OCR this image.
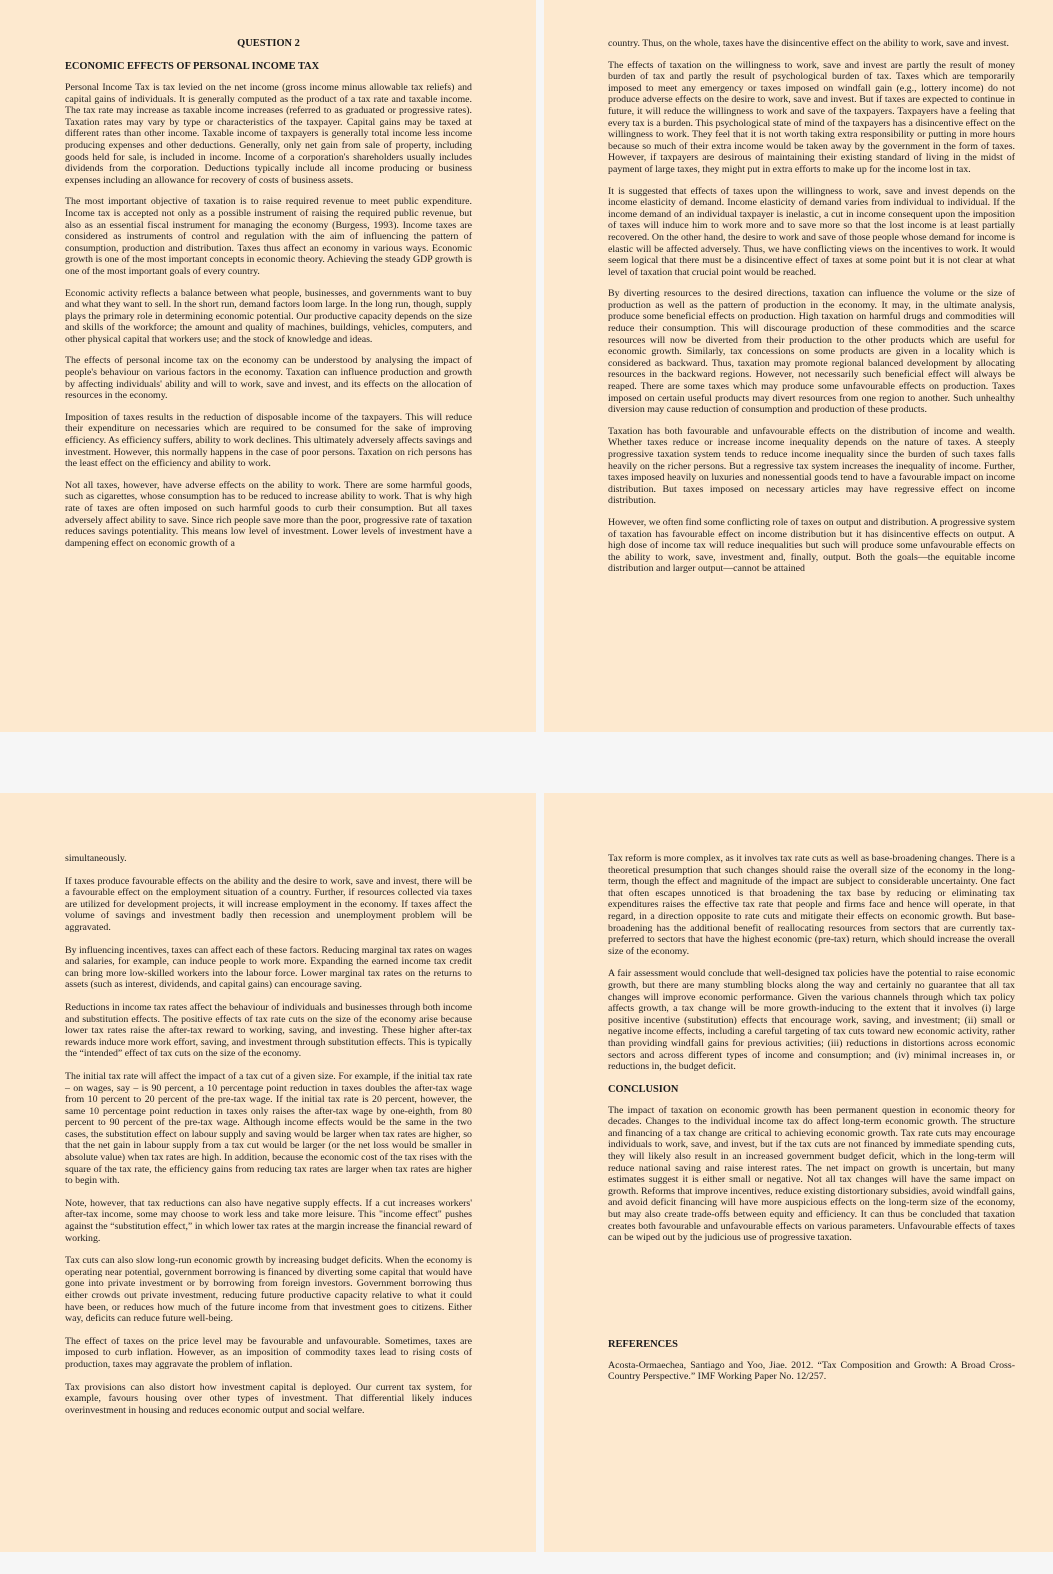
QUESTION 2
ECONOMIC EFFECTS OF PERSONAL INCOME TAX

Personal Income Tax is tax levied on the net income (gross income minus allowable tax reliefs) and capital gains of individuals. It is generally computed as the product of a tax rate and taxable income. The tax rate may increase as taxable income increases (referred to as graduated or progressive rates). Taxation rates may vary by type or characteristics of the taxpayer. Capital gains may be taxed at different rates than other income. Taxable income of taxpayers is generally total income less income producing expenses and other deductions. Generally, only net gain from sale of property, including goods held for sale, is included in income. Income of a corporation's shareholders usually includes dividends from the corporation. Deductions typically include all income producing or business expenses including an allowance for recovery of costs of business assets.

The most important objective of taxation is to raise required revenue to meet public expenditure. Income tax is accepted not only as a possible instrument of raising the required public revenue, but also as an essential fiscal instrument for managing the economy (Burgess, 1993). Income taxes are considered as instruments of control and regulation with the aim of influencing the pattern of consumption, production and distribution. Taxes thus affect an economy in various ways. Economic growth is one of the most important concepts in economic theory. Achieving the steady GDP growth is one of the most important goals of every country.

Economic activity reflects a balance between what people, businesses, and governments want to buy and what they want to sell. In the short run, demand factors loom large. In the long run, though, supply plays the primary role in determining economic potential. Our productive capacity depends on the size and skills of the workforce; the amount and quality of machines, buildings, vehicles, computers, and other physical capital that workers use; and the stock of knowledge and ideas.

The effects of personal income tax on the economy can be understood by analysing the impact of people's behaviour on various factors in the economy. Taxation can influence production and growth by affecting individuals' ability and will to work, save and invest, and its effects on the allocation of resources in the economy.

Imposition of taxes results in the reduction of disposable income of the taxpayers. This will reduce their expenditure on necessaries which are required to be consumed for the sake of improving efficiency. As efficiency suffers, ability to work declines. This ultimately adversely affects savings and investment. However, this normally happens in the case of poor persons. Taxation on rich persons has the least effect on the efficiency and ability to work.

Not all taxes, however, have adverse effects on the ability to work. There are some harmful goods, such as cigarettes, whose consumption has to be reduced to increase ability to work. That is why high rate of taxes are often imposed on such harmful goods to curb their consumption. But all taxes adversely affect ability to save. Since rich people save more than the poor, progressive rate of taxation reduces savings potentiality. This means low level of investment. Lower levels of investment have a dampening effect on economic growth of a

country. Thus, on the whole, taxes have the disincentive effect on the ability to work, save and invest.

The effects of taxation on the willingness to work, save and invest are partly the result of money burden of tax and partly the result of psychological burden of tax. Taxes which are temporarily imposed to meet any emergency or taxes imposed on windfall gain (e.g., lottery income) do not produce adverse effects on the desire to work, save and invest. But if taxes are expected to continue in future, it will reduce the willingness to work and save of the taxpayers. Taxpayers have a feeling that every tax is a burden. This psychological state of mind of the taxpayers has a disincentive effect on the willingness to work. They feel that it is not worth taking extra responsibility or putting in more hours because so much of their extra income would be taken away by the government in the form of taxes. However, if taxpayers are desirous of maintaining their existing standard of living in the midst of payment of large taxes, they might put in extra efforts to make up for the income lost in tax.

It is suggested that effects of taxes upon the willingness to work, save and invest depends on the income elasticity of demand. Income elasticity of demand varies from individual to individual. If the income demand of an individual taxpayer is inelastic, a cut in income consequent upon the imposition of taxes will induce him to work more and to save more so that the lost income is at least partially recovered. On the other hand, the desire to work and save of those people whose demand for income is elastic will be affected adversely. Thus, we have conflicting views on the incentives to work. It would seem logical that there must be a disincentive effect of taxes at some point but it is not clear at what level of taxation that crucial point would be reached.

By diverting resources to the desired directions, taxation can influence the volume or the size of production as well as the pattern of production in the economy. It may, in the ultimate analysis, produce some beneficial effects on production. High taxation on harmful drugs and commodities will reduce their consumption. This will discourage production of these commodities and the scarce resources will now be diverted from their production to the other products which are useful for economic growth. Similarly, tax concessions on some products are given in a locality which is considered as backward. Thus, taxation may promote regional balanced development by allocating resources in the backward regions. However, not necessarily such beneficial effect will always be reaped. There are some taxes which may produce some unfavourable effects on production. Taxes imposed on certain useful products may divert resources from one region to another. Such unhealthy diversion may cause reduction of consumption and production of these products.

Taxation has both favourable and unfavourable effects on the distribution of income and wealth. Whether taxes reduce or increase income inequality depends on the nature of taxes. A steeply progressive taxation system tends to reduce income inequality since the burden of such taxes falls heavily on the richer persons. But a regressive tax system increases the inequality of income. Further, taxes imposed heavily on luxuries and nonessential goods tend to have a favourable impact on income distribution. But taxes imposed on necessary articles may have regressive effect on income distribution.

However, we often find some conflicting role of taxes on output and distribution. A progressive system of taxation has favourable effect on income distribution but it has disincentive effects on output. A high dose of income tax will reduce inequalities but such will produce some unfavourable effects on the ability to work, save, investment and, finally, output. Both the goals—the equitable income distribution and larger output—cannot be attained

simultaneously.

If taxes produce favourable effects on the ability and the desire to work, save and invest, there will be a favourable effect on the employment situation of a country. Further, if resources collected via taxes are utilized for development projects, it will increase employment in the economy. If taxes affect the volume of savings and investment badly then recession and unemployment problem will be aggravated.

By influencing incentives, taxes can affect each of these factors. Reducing marginal tax rates on wages and salaries, for example, can induce people to work more. Expanding the earned income tax credit can bring more low-skilled workers into the labour force. Lower marginal tax rates on the returns to assets (such as interest, dividends, and capital gains) can encourage saving.

Reductions in income tax rates affect the behaviour of individuals and businesses through both income and substitution effects. The positive effects of tax rate cuts on the size of the economy arise because lower tax rates raise the after-tax reward to working, saving, and investing. These higher after-tax rewards induce more work effort, saving, and investment through substitution effects. This is typically the “intended” effect of tax cuts on the size of the economy.

The initial tax rate will affect the impact of a tax cut of a given size. For example, if the initial tax rate – on wages, say – is 90 percent, a 10 percentage point reduction in taxes doubles the after-tax wage from 10 percent to 20 percent of the pre-tax wage. If the initial tax rate is 20 percent, however, the same 10 percentage point reduction in taxes only raises the after-tax wage by one-eighth, from 80 percent to 90 percent of the pre-tax wage. Although income effects would be the same in the two cases, the substitution effect on labour supply and saving would be larger when tax rates are higher, so that the net gain in labour supply from a tax cut would be larger (or the net loss would be smaller in absolute value) when tax rates are high. In addition, because the economic cost of the tax rises with the square of the tax rate, the efficiency gains from reducing tax rates are larger when tax rates are higher to begin with.

Note, however, that tax reductions can also have negative supply effects. If a cut increases workers' after-tax income, some may choose to work less and take more leisure. This "income effect" pushes against the “substitution effect,” in which lower tax rates at the margin increase the financial reward of working.

Tax cuts can also slow long-run economic growth by increasing budget deficits. When the economy is operating near potential, government borrowing is financed by diverting some capital that would have gone into private investment or by borrowing from foreign investors. Government borrowing thus either crowds out private investment, reducing future productive capacity relative to what it could have been, or reduces how much of the future income from that investment goes to citizens. Either way, deficits can reduce future well-being.

The effect of taxes on the price level may be favourable and unfavourable. Sometimes, taxes are imposed to curb inflation. However, as an imposition of commodity taxes lead to rising costs of production, taxes may aggravate the problem of inflation.

Tax provisions can also distort how investment capital is deployed. Our current tax system, for example, favours housing over other types of investment. That differential likely induces overinvestment in housing and reduces economic output and social welfare.

Tax reform is more complex, as it involves tax rate cuts as well as base-broadening changes. There is a theoretical presumption that such changes should raise the overall size of the economy in the long-term, though the effect and magnitude of the impact are subject to considerable uncertainty. One fact that often escapes unnoticed is that broadening the tax base by reducing or eliminating tax expenditures raises the effective tax rate that people and firms face and hence will operate, in that regard, in a direction opposite to rate cuts and mitigate their effects on economic growth. But base-broadening has the additional benefit of reallocating resources from sectors that are currently tax-preferred to sectors that have the highest economic (pre-tax) return, which should increase the overall size of the economy.

A fair assessment would conclude that well-designed tax policies have the potential to raise economic growth, but there are many stumbling blocks along the way and certainly no guarantee that all tax changes will improve economic performance. Given the various channels through which tax policy affects growth, a tax change will be more growth-inducing to the extent that it involves (i) large positive incentive (substitution) effects that encourage work, saving, and investment; (ii) small or negative income effects, including a careful targeting of tax cuts toward new economic activity, rather than providing windfall gains for previous activities; (iii) reductions in distortions across economic sectors and across different types of income and consumption; and (iv) minimal increases in, or reductions in, the budget deficit.

CONCLUSION

The impact of taxation on economic growth has been permanent question in economic theory for decades. Changes to the individual income tax do affect long-term economic growth. The structure and financing of a tax change are critical to achieving economic growth. Tax rate cuts may encourage individuals to work, save, and invest, but if the tax cuts are not financed by immediate spending cuts, they will likely also result in an increased government budget deficit, which in the long-term will reduce national saving and raise interest rates. The net impact on growth is uncertain, but many estimates suggest it is either small or negative. Not all tax changes will have the same impact on growth. Reforms that improve incentives, reduce existing distortionary subsidies, avoid windfall gains, and avoid deficit financing will have more auspicious effects on the long-term size of the economy, but may also create trade-offs between equity and efficiency. It can thus be concluded that taxation creates both favourable and unfavourable effects on various parameters. Unfavourable effects of taxes can be wiped out by the judicious use of progressive taxation.

REFERENCES

Acosta-Ormaechea, Santiago and Yoo, Jiae. 2012. “Tax Composition and Growth: A Broad Cross-Country Perspective.” IMF Working Paper No. 12/257.
